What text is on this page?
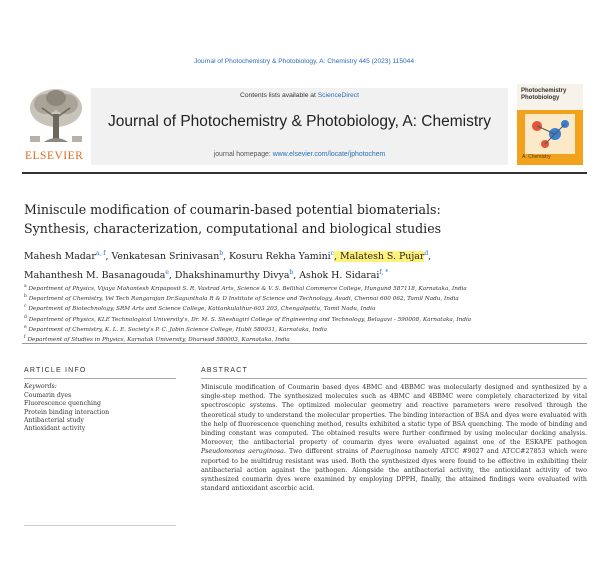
Journal of Photochemistry & Photobiology, A: Chemistry 445 (2023) 115044
ELSEVIER
Contents lists available at ScienceDirect
Journal of Photochemistry & Photobiology, A: Chemistry
journal homepage: www.elsevier.com/locate/jphotochem
Photochemistry
Photobiology
A: Chemistry
Miniscule modification of coumarin-based potential biomaterials:
Synthesis, characterization, computational and biological studies
Mahesh Madar$^{a, f}$, Venkatesan Srinivasan$^b$, Kosuru Rekha Yamini$^c$, Malatesh S. Pujar$^d$,
Mahanthesh M. Basanagouda$^e$, Dhakshinamurthy Divya$^b$, Ashok H. Sidarai$^{f, *}$
$^a$ Department of Physics, Vijaya Mahantesh Kripaposit S. R. Vastrad Arts, Science & V. S. Bellihal Commerce College, Hungund 587118, Karnataka, India
$^b$ Department of Chemistry, Vel Tech Rangarajan Dr.Sagunthala R & D Institute of Science and Technology, Avadi, Chennai 600 062, Tamil Nadu, India
$^c$ Department of Biotechnology, SRM Arts and Science College, Kattankulathur-603 203, Chengalpattu, Tamil Nadu, India
$^d$ Department of Physics, KLE Technological University's, Dr. M. S. Sheshagiri College of Engineering and Technology, Belagavi - 590008, Karnataka, India
$^e$ Department of Chemistry, K. L. E. Society's P. C. Jabin Science College, Hubli 580031, Karnataka, India
$^f$ Department of Studies in Physics, Karnatak University, Dharwad 580003, Karnataka, India
ARTICLE INFO	ABSTRACT
Keywords:
Coumarin dyes
Fluorescence quenching
Protein binding interaction
Antibacterial study
Antioxidant activity
Miniscule modification of Coumarin based dyes 4BMC and 4BBMC was molecularly designed and synthesized by a single-step method. The synthesized molecules such as 4BMC and 4BBMC were completely characterized by vital spectroscopic systems. The optimized molecular geometry and reactive parameters were resolved through the theoretical study to understand the molecular properties. The binding interaction of BSA and dyes were evaluated with the help of fluorescence quenching method, results exhibited a static type of BSA quenching. The mode of binding and binding constant was computed. The obtained results were further confirmed by using molecular docking analysis. Moreover, the antibacterial property of coumarin dyes were evaluated against one of the ESKAPE pathogen Pseudomonas aeruginosa. Two different strains of P.aeruginosa namely ATCC #9027 and ATCC#27853 which were reported to be multidrug resistant was used. Both the synthesized dyes were found to be effective in exhibiting their antibacterial action against the pathogen. Alongside the antibacterial activity, the antioxidant activity of two synthesized coumarin dyes were examined by employing DPPH, finally, the attained findings were evaluated with standard antioxidant ascorbic acid.
